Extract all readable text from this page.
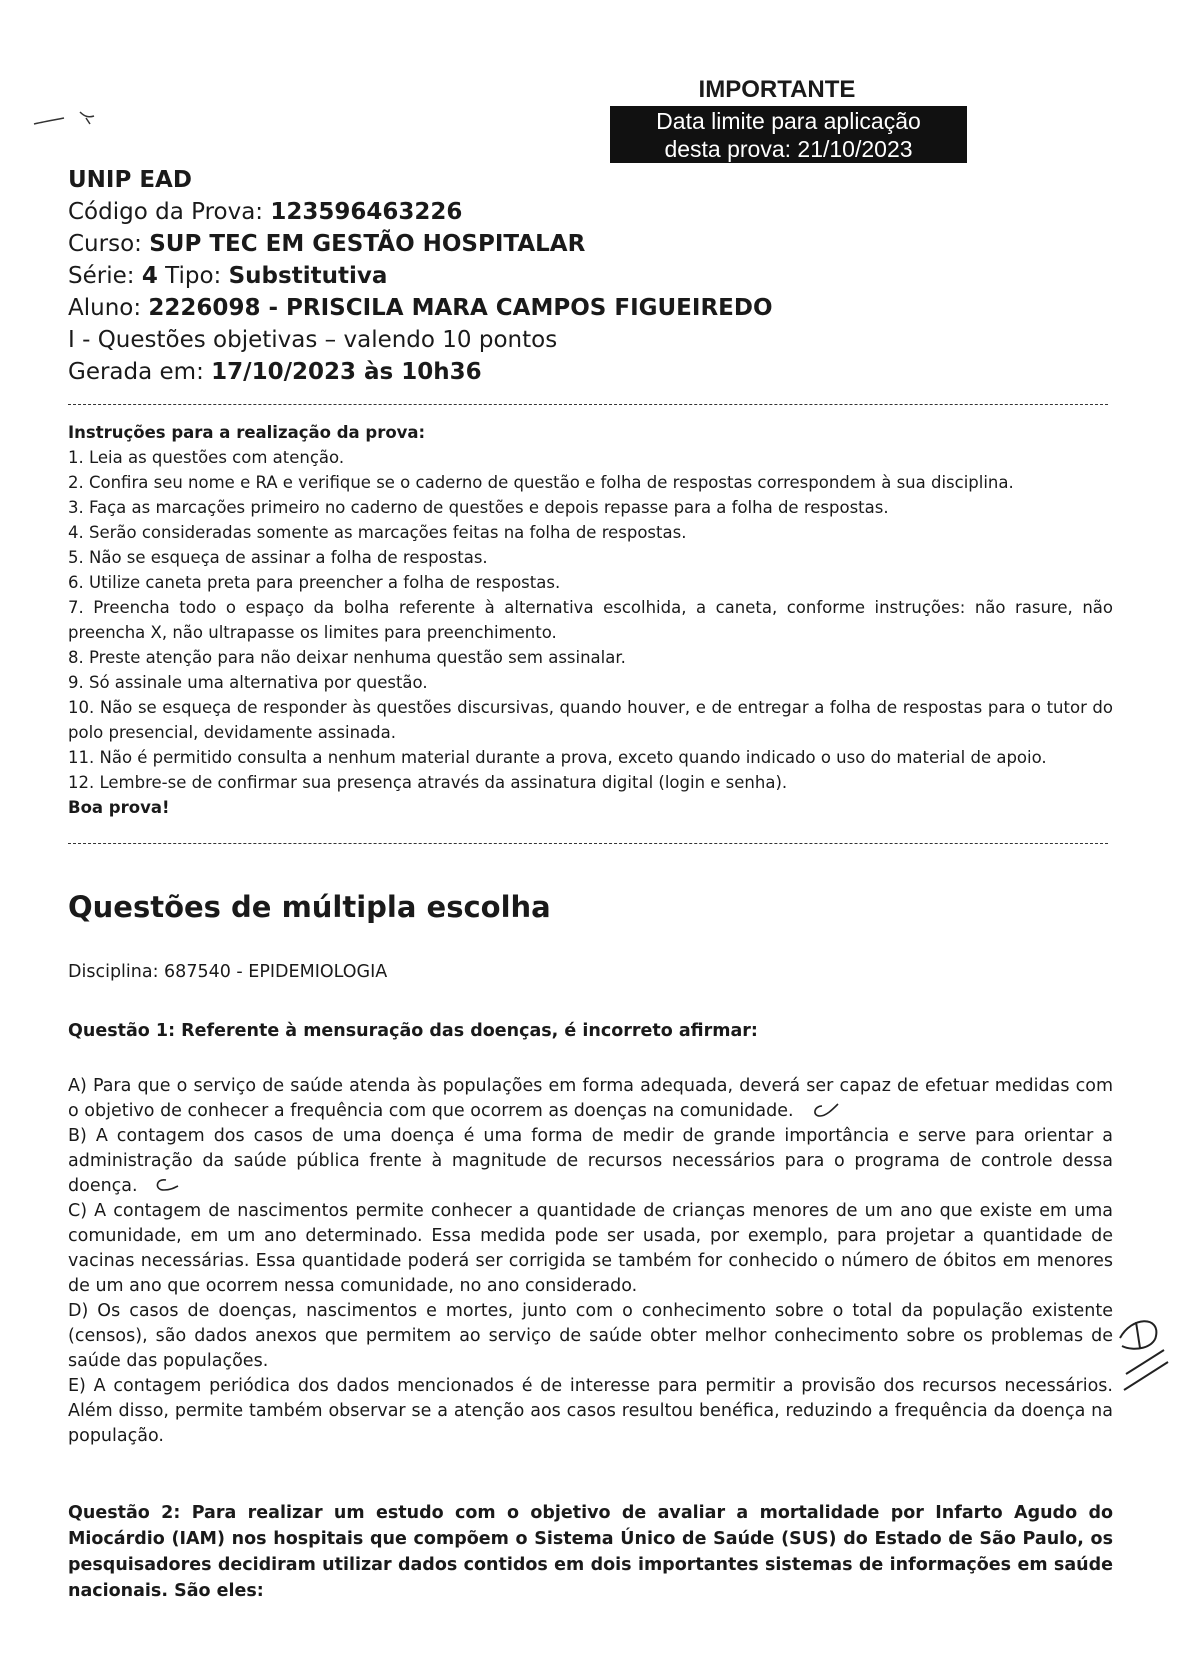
IMPORTANTE
Data limite para aplicação
desta prova: 21/10/2023
UNIP EAD
Código da Prova: 123596463226
Curso: SUP TEC EM GESTÃO HOSPITALAR
Série: 4 Tipo: Substitutiva
Aluno: 2226098 - PRISCILA MARA CAMPOS FIGUEIREDO
I - Questões objetivas – valendo 10 pontos
Gerada em: 17/10/2023 às 10h36

Instruções para a realização da prova:

1. Leia as questões com atenção.

2. Confira seu nome e RA e verifique se o caderno de questão e folha de respostas correspondem à sua disciplina.

3. Faça as marcações primeiro no caderno de questões e depois repasse para a folha de respostas.

4. Serão consideradas somente as marcações feitas na folha de respostas.

5. Não se esqueça de assinar a folha de respostas.

6. Utilize caneta preta para preencher a folha de respostas.

7. Preencha todo o espaço da bolha referente à alternativa escolhida, a caneta, conforme instruções: não rasure, não preencha X, não ultrapasse os limites para preenchimento.

8. Preste atenção para não deixar nenhuma questão sem assinalar.

9. Só assinale uma alternativa por questão.

10. Não se esqueça de responder às questões discursivas, quando houver, e de entregar a folha de respostas para o tutor do polo presencial, devidamente assinada.

11. Não é permitido consulta a nenhum material durante a prova, exceto quando indicado o uso do material de apoio.

12. Lembre-se de confirmar sua presença através da assinatura digital (login e senha).

Boa prova!

Questões de múltipla escolha
Disciplina: 687540 - EPIDEMIOLOGIA
Questão 1: Referente à mensuração das doenças, é incorreto afirmar:

A) Para que o serviço de saúde atenda às populações em forma adequada, deverá ser capaz de efetuar medidas com o objetivo de conhecer a frequência com que ocorrem as doenças na comunidade.

B) A contagem dos casos de uma doença é uma forma de medir de grande importância e serve para orientar a administração da saúde pública frente à magnitude de recursos necessários para o programa de controle dessa doença.

C) A contagem de nascimentos permite conhecer a quantidade de crianças menores de um ano que existe em uma comunidade, em um ano determinado. Essa medida pode ser usada, por exemplo, para projetar a quantidade de vacinas necessárias. Essa quantidade poderá ser corrigida se também for conhecido o número de óbitos em menores de um ano que ocorrem nessa comunidade, no ano considerado.

D) Os casos de doenças, nascimentos e mortes, junto com o conhecimento sobre o total da população existente (censos), são dados anexos que permitem ao serviço de saúde obter melhor conhecimento sobre os problemas de saúde das populações.

E) A contagem periódica dos dados mencionados é de interesse para permitir a provisão dos recursos necessários. Além disso, permite também observar se a atenção aos casos resultou benéfica, reduzindo a frequência da doença na população.

Questão 2: Para realizar um estudo com o objetivo de avaliar a mortalidade por Infarto Agudo do Miocárdio (IAM) nos hospitais que compõem o Sistema Único de Saúde (SUS) do Estado de São Paulo, os pesquisadores decidiram utilizar dados contidos em dois importantes sistemas de informações em saúde nacionais. São eles:
